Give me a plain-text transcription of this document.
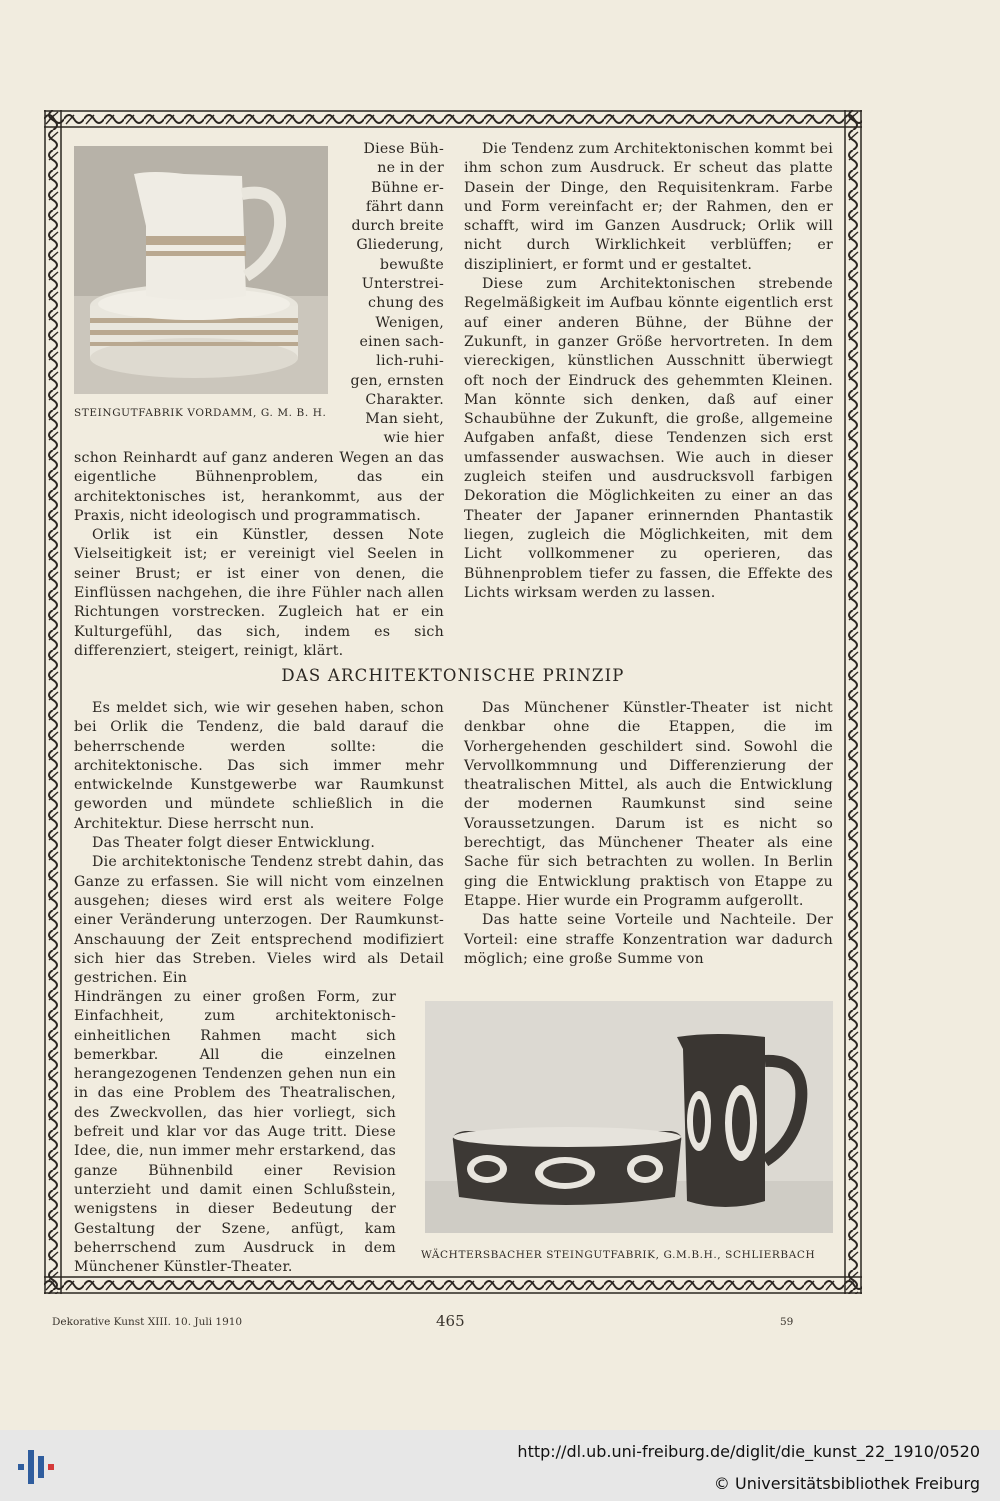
STEINGUTFABRIK VORDAMM, G. M. B. H.
Diese Büh-
ne in der
Bühne er-
fährt dann
durch breite
Gliederung,
bewußte
Unterstrei-
chung des
Wenigen,
einen sach-
lich-ruhi-
gen, ernsten
Charakter.
Man sieht,
wie hier

schon Reinhardt auf ganz anderen Wegen an das eigentliche Bühnenproblem, das ein architektonisches ist, herankommt, aus der Praxis, nicht ideologisch und programmatisch.

Orlik ist ein Künstler, dessen Note Vielseitigkeit ist; er vereinigt viel Seelen in seiner Brust; er ist einer von denen, die Einflüssen nachgehen, die ihre Fühler nach allen Richtungen vorstrecken. Zugleich hat er ein Kulturgefühl, das sich, indem es sich differenziert, steigert, reinigt, klärt.

Die Tendenz zum Architektonischen kommt bei ihm schon zum Ausdruck. Er scheut das platte Dasein der Dinge, den Requisitenkram. Farbe und Form vereinfacht er; der Rahmen, den er schafft, wird im Ganzen Ausdruck; Orlik will nicht durch Wirklichkeit verblüffen; er diszipliniert, er formt und er gestaltet.

Diese zum Architektonischen strebende Regelmäßigkeit im Aufbau könnte eigentlich erst auf einer anderen Bühne, der Bühne der Zukunft, in ganzer Größe hervortreten. In dem viereckigen, künstlichen Ausschnitt überwiegt oft noch der Eindruck des gehemmten Kleinen. Man könnte sich denken, daß auf einer Schaubühne der Zukunft, die große, allgemeine Aufgaben anfaßt, diese Tendenzen sich erst umfassender auswachsen. Wie auch in dieser zugleich steifen und ausdrucksvoll farbigen Dekoration die Möglichkeiten zu einer an das Theater der Japaner erinnernden Phantastik liegen, zugleich die Möglichkeiten, mit dem Licht vollkommener zu operieren, das Bühnenproblem tiefer zu fassen, die Effekte des Lichts wirksam werden zu lassen.

DAS ARCHITEKTONISCHE PRINZIP

Es meldet sich, wie wir gesehen haben, schon bei Orlik die Tendenz, die bald darauf die beherrschende werden sollte: die architektonische. Das sich immer mehr entwickelnde Kunstgewerbe war Raumkunst geworden und mündete schließlich in die Architektur. Diese herrscht nun.

Das Theater folgt dieser Entwicklung.

Die architektonische Tendenz strebt dahin, das Ganze zu erfassen. Sie will nicht vom einzelnen ausgehen; dieses wird erst als weitere Folge einer Veränderung unterzogen. Der Raumkunst-Anschauung der Zeit entsprechend modifiziert sich hier das Streben. Vieles wird als Detail gestrichen. Ein

Hindrängen zu einer großen Form, zur Einfachheit, zum architektonisch-einheitlichen Rahmen macht sich bemerkbar. All die einzelnen herangezogenen Tendenzen gehen nun ein in das eine Problem des Theatralischen, des Zweckvollen, das hier vorliegt, sich befreit und klar vor das Auge tritt. Diese Idee, die, nun immer mehr erstarkend, das ganze Bühnenbild einer Revision unterzieht und damit einen Schlußstein, wenigstens in dieser Bedeutung der Gestaltung der Szene, anfügt, kam beherrschend zum Ausdruck in dem Münchener Künstler-Theater.

Das Münchener Künstler-Theater ist nicht denkbar ohne die Etappen, die im Vorhergehenden geschildert sind. Sowohl die Vervollkommnung und Differenzierung der theatralischen Mittel, als auch die Entwicklung der modernen Raumkunst sind seine Voraussetzungen. Darum ist es nicht so berechtigt, das Münchener Theater als eine Sache für sich betrachten zu wollen. In Berlin ging die Entwicklung praktisch von Etappe zu Etappe. Hier wurde ein Programm aufgerollt.

Das hatte seine Vorteile und Nachteile. Der Vorteil: eine straffe Konzentration war dadurch möglich; eine große Summe von

WÄCHTERSBACHER STEINGUTFABRIK, G.M.B.H., SCHLIERBACH
Dekorative Kunst XIII. 10. Juli 1910	465	59
http://dl.ub.uni-freiburg.de/diglit/die_kunst_22_1910/0520
© Universitätsbibliothek Freiburg
